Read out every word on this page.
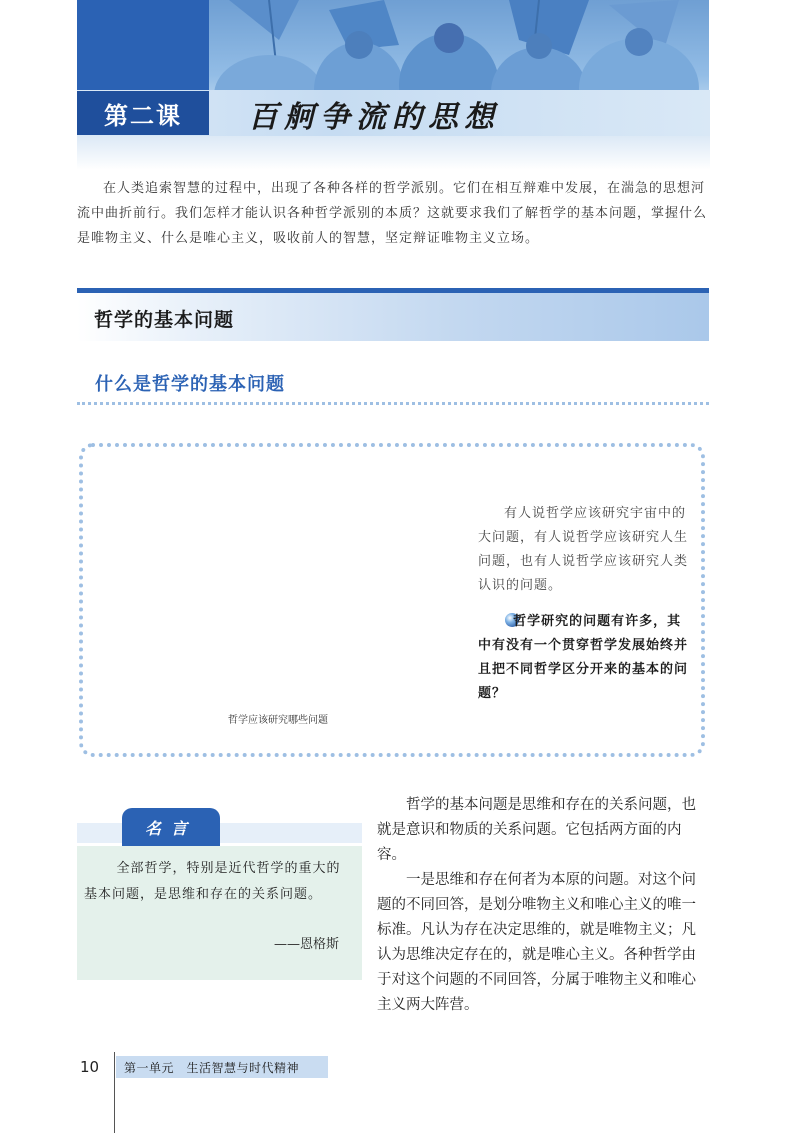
第二课	百舸争流的思想
在人类追索智慧的过程中，出现了各种各样的哲学派别。它们在相互辩难中发展，在湍急的思想河流中曲折前行。我们怎样才能认识各种哲学派别的本质？这就要求我们了解哲学的基本问题，掌握什么是唯物主义、什么是唯心主义，吸收前人的智慧，坚定辩证唯物主义立场。
哲学的基本问题
什么是哲学的基本问题
哲学应该研究哪些问题
有人说哲学应该研究宇宙中的大问题，有人说哲学应该研究人生问题，也有人说哲学应该研究人类认识的问题。
哲学研究的问题有许多，其中有没有一个贯穿哲学发展始终并且把不同哲学区分开来的基本的问题？
名言
全部哲学，特别是近代哲学的重大的基本问题，是思维和存在的关系问题。
——恩格斯

哲学的基本问题是思维和存在的关系问题，也就是意识和物质的关系问题。它包括两方面的内容。

一是思维和存在何者为本原的问题。对这个问题的不同回答，是划分唯物主义和唯心主义的唯一标准。凡认为存在决定思维的，就是唯物主义；凡认为思维决定存在的，就是唯心主义。各种哲学由于对这个问题的不同回答，分属于唯物主义和唯心主义两大阵营。

10	第一单元　生活智慧与时代精神
